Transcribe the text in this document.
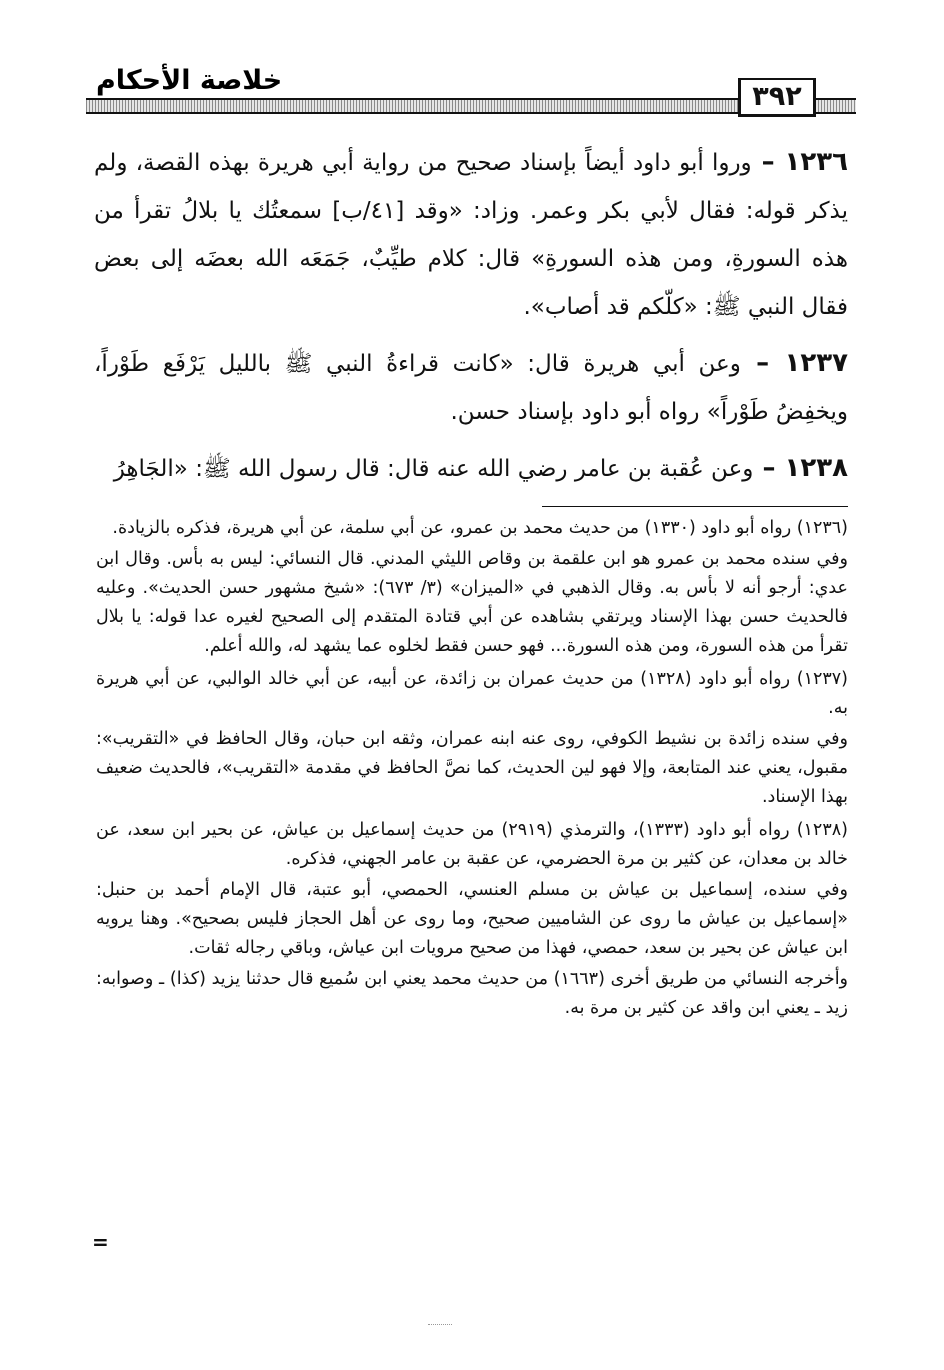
خلاصة الأحكام
٣٩٢

١٢٣٦ – وروا أبو داود أيضاً بإسناد صحيح من رواية أبي هريرة بهذه القصة، ولم يذكر قوله: فقال لأبي بكر وعمر. وزاد: «وقد [٤١/ب] سمعتُك يا بلالُ تقرأ من هذه السورةِ، ومن هذه السورةِ» قال: كلام طيِّبٌ، جَمَعَه الله بعضَه إلى بعض فقال النبي ﷺ: «كلّكم قد أصاب».

١٢٣٧ – وعن أبي هريرة قال: «كانت قراءةُ النبي ﷺ بالليل يَرْفَع طَوْراً، ويخفِضُ طَوْراً» رواه أبو داود بإسناد حسن.

١٢٣٨ – وعن عُقبة بن عامر رضي الله عنه قال: قال رسول الله ﷺ: «الجَاهِرُ

(١٢٣٦) رواه أبو داود (١٣٣٠) من حديث محمد بن عمرو، عن أبي سلمة، عن أبي هريرة، فذكره بالزيادة.

وفي سنده محمد بن عمرو هو ابن علقمة بن وقاص الليثي المدني. قال النسائي: ليس به بأس. وقال ابن عدي: أرجو أنه لا بأس به. وقال الذهبي في «الميزان» (٣/ ٦٧٣): «شيخ مشهور حسن الحديث». وعليه فالحديث حسن بهذا الإسناد ويرتقي بشاهده عن أبي قتادة المتقدم إلى الصحيح لغيره عدا قوله: يا بلال تقرأ من هذه السورة، ومن هذه السورة... فهو حسن فقط لخلوه عما يشهد له، والله أعلم.

(١٢٣٧) رواه أبو داود (١٣٢٨) من حديث عمران بن زائدة، عن أبيه، عن أبي خالد الوالبي، عن أبي هريرة به.

وفي سنده زائدة بن نشيط الكوفي، روى عنه ابنه عمران، وثقه ابن حبان، وقال الحافظ في «التقريب»: مقبول، يعني عند المتابعة، وإلا فهو لين الحديث، كما نصَّ الحافظ في مقدمة «التقريب»، فالحديث ضعيف بهذا الإسناد.

(١٢٣٨) رواه أبو داود (١٣٣٣)، والترمذي (٢٩١٩) من حديث إسماعيل بن عياش، عن بحير ابن سعد، عن خالد بن معدان، عن كثير بن مرة الحضرمي، عن عقبة بن عامر الجهني، فذكره.

وفي سنده، إسماعيل بن عياش بن مسلم العنسي، الحمصي، أبو عتبة، قال الإمام أحمد بن حنبل: «إسماعيل بن عياش ما روى عن الشاميين صحيح، وما روى عن أهل الحجاز فليس بصحيح». وهنا يرويه ابن عياش عن بحير بن سعد، حمصي، فهذا من صحيح مرويات ابن عياش، وباقي رجاله ثقات.

وأخرجه النسائي من طريق أخرى (١٦٦٣) من حديث محمد يعني ابن سُميع قال حدثنا يزيد (كذا) ـ وصوابه: زيد ـ يعني ابن واقد عن كثير بن مرة به.

=
